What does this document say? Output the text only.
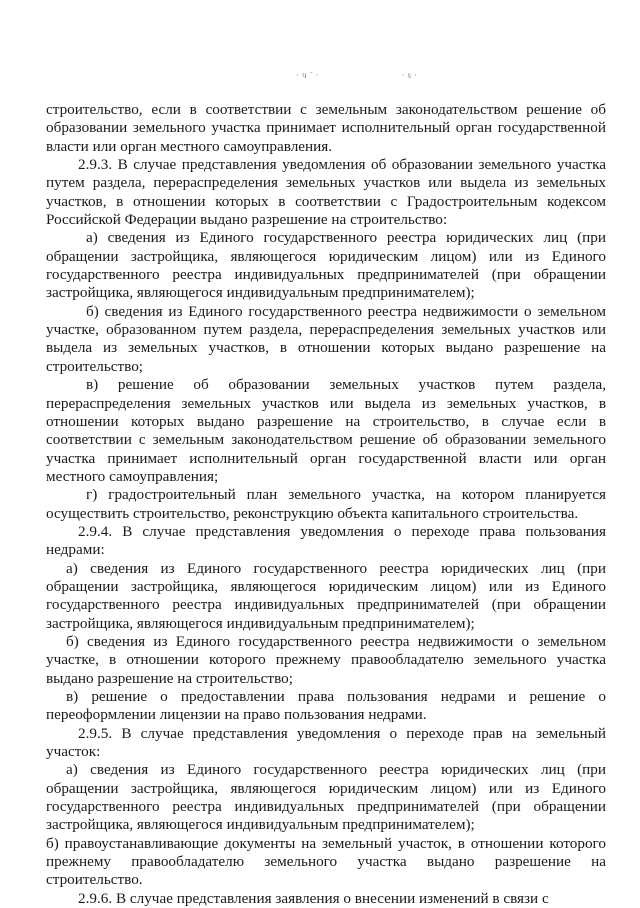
·ч¨·	·ѕ·

строительство, если в соответствии с земельным законодательством решение об образовании земельного участка принимает исполнительный орган государственной власти или орган местного самоуправления.

2.9.3. В случае представления уведомления об образовании земельного участка путем раздела, перераспределения земельных участков или выдела из земельных участков, в отношении которых в соответствии с Градостроительным кодексом Российской Федерации выдано разрешение на строительство:

а) сведения из Единого государственного реестра юридических лиц (при обращении застройщика, являющегося юридическим лицом) или из Единого государственного реестра индивидуальных предпринимателей (при обращении застройщика, являющегося индивидуальным предпринимателем);

б) сведения из Единого государственного реестра недвижимости о земельном участке, образованном путем раздела, перераспределения земельных участков или выдела из земельных участков, в отношении которых выдано разрешение на строительство;

в) решение об образовании земельных участков путем раздела, перераспределения земельных участков или выдела из земельных участков, в отношении которых выдано разрешение на строительство, в случае если в соответствии с земельным законодательством решение об образовании земельного участка принимает исполнительный орган государственной власти или орган местного самоуправления;

г) градостроительный план земельного участка, на котором планируется осуществить строительство, реконструкцию объекта капитального строительства.

2.9.4. В случае представления уведомления о переходе права пользования недрами:

а) сведения из Единого государственного реестра юридических лиц (при обращении застройщика, являющегося юридическим лицом) или из Единого государственного реестра индивидуальных предпринимателей (при обращении застройщика, являющегося индивидуальным предпринимателем);

б) сведения из Единого государственного реестра недвижимости о земельном участке, в отношении которого прежнему правообладателю земельного участка выдано разрешение на строительство;

в) решение о предоставлении права пользования недрами и решение о переоформлении лицензии на право пользования недрами.

2.9.5. В случае представления уведомления о переходе прав на земельный участок:

а) сведения из Единого государственного реестра юридических лиц (при обращении застройщика, являющегося юридическим лицом) или из Единого государственного реестра индивидуальных предпринимателей (при обращении застройщика, являющегося индивидуальным предпринимателем);

б) правоустанавливающие документы на земельный участок, в отношении которого прежнему правообладателю земельного участка выдано разрешение на строительство.

2.9.6. В случае представления заявления о внесении изменений в связи с
